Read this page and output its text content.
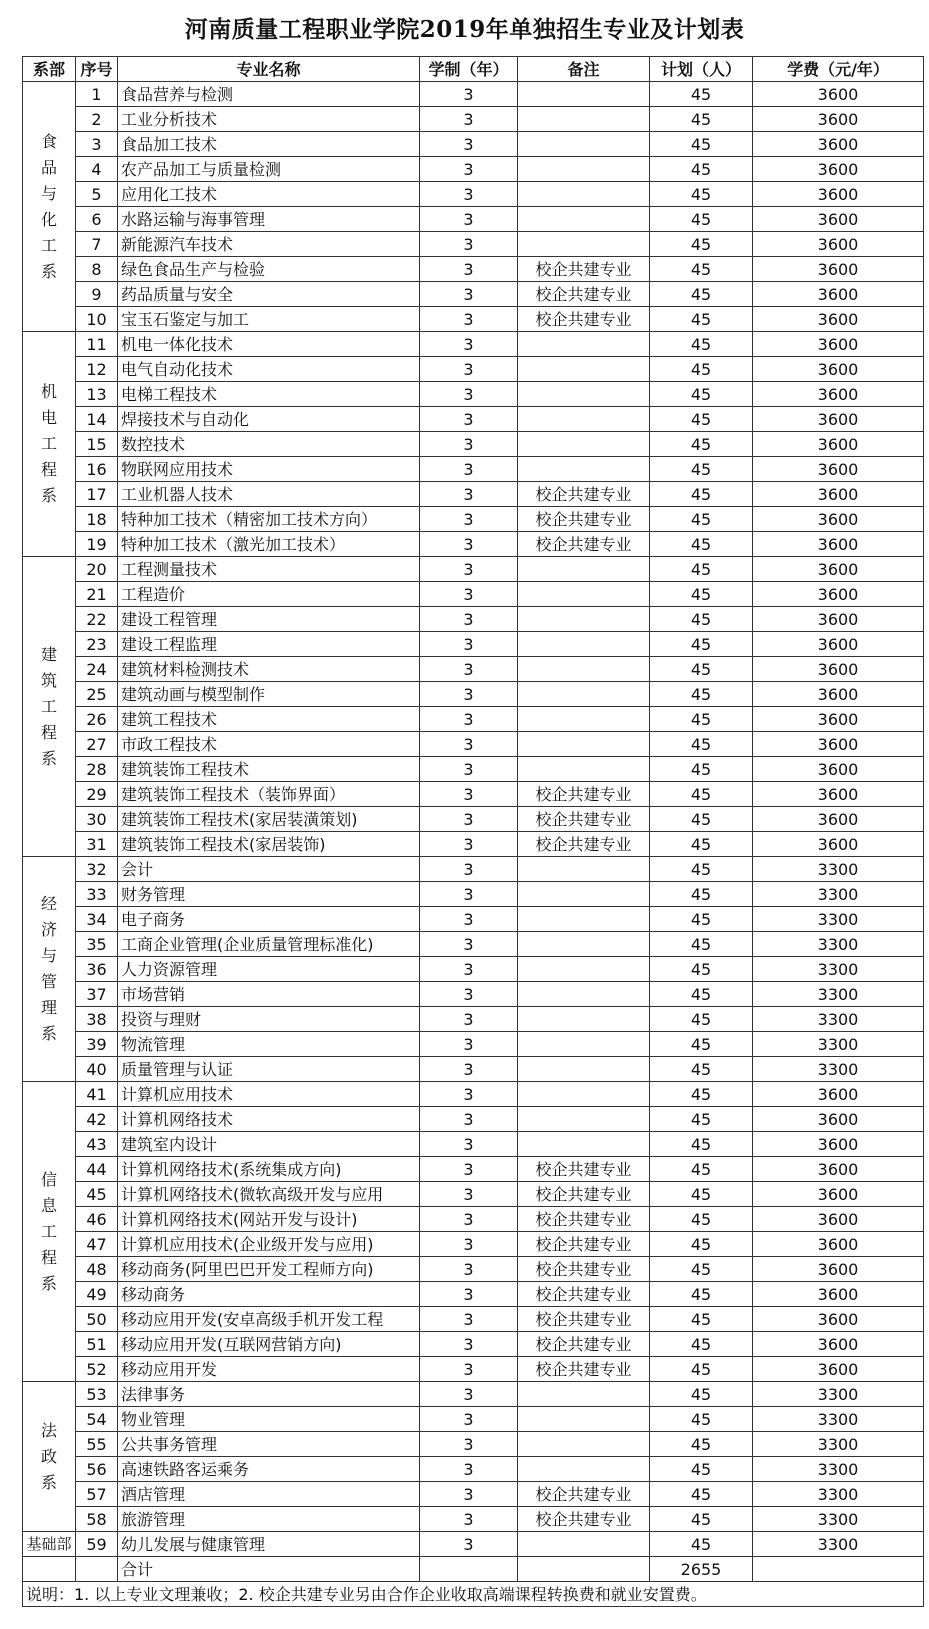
河南质量工程职业学院2019年单独招生专业及计划表
系部	序号	专业名称	学制（年）	备注	计划（人）	学费（元/年）

食品与化工系	1	食品营养与检测	3		45	3600
	2	工业分析技术	3		45	3600
	3	食品加工技术	3		45	3600
	4	农产品加工与质量检测	3		45	3600
	5	应用化工技术	3		45	3600
	6	水路运输与海事管理	3		45	3600
	7	新能源汽车技术	3		45	3600
	8	绿色食品生产与检验	3	校企共建专业	45	3600
	9	药品质量与安全	3	校企共建专业	45	3600
	10	宝玉石鉴定与加工	3	校企共建专业	45	3600

机电工程系	11	机电一体化技术	3		45	3600
	12	电气自动化技术	3		45	3600
	13	电梯工程技术	3		45	3600
	14	焊接技术与自动化	3		45	3600
	15	数控技术	3		45	3600
	16	物联网应用技术	3		45	3600
	17	工业机器人技术	3	校企共建专业	45	3600
	18	特种加工技术（精密加工技术方向）	3	校企共建专业	45	3600
	19	特种加工技术（激光加工技术）	3	校企共建专业	45	3600

建筑工程系	20	工程测量技术	3		45	3600
	21	工程造价	3		45	3600
	22	建设工程管理	3		45	3600
	23	建设工程监理	3		45	3600
	24	建筑材料检测技术	3		45	3600
	25	建筑动画与模型制作	3		45	3600
	26	建筑工程技术	3		45	3600
	27	市政工程技术	3		45	3600
	28	建筑装饰工程技术	3		45	3600
	29	建筑装饰工程技术（装饰界面）	3	校企共建专业	45	3600
	30	建筑装饰工程技术(家居装潢策划)	3	校企共建专业	45	3600
	31	建筑装饰工程技术(家居装饰)	3	校企共建专业	45	3600

经济与管理系	32	会计	3		45	3300
	33	财务管理	3		45	3300
	34	电子商务	3		45	3300
	35	工商企业管理(企业质量管理标准化)	3		45	3300
	36	人力资源管理	3		45	3300
	37	市场营销	3		45	3300
	38	投资与理财	3		45	3300
	39	物流管理	3		45	3300
	40	质量管理与认证	3		45	3300

信息工程系	41	计算机应用技术	3		45	3600
	42	计算机网络技术	3		45	3600
	43	建筑室内设计	3		45	3600
	44	计算机网络技术(系统集成方向)	3	校企共建专业	45	3600
	45	计算机网络技术(微软高级开发与应用	3	校企共建专业	45	3600
	46	计算机网络技术(网站开发与设计)	3	校企共建专业	45	3600
	47	计算机应用技术(企业级开发与应用)	3	校企共建专业	45	3600
	48	移动商务(阿里巴巴开发工程师方向)	3	校企共建专业	45	3600
	49	移动商务	3	校企共建专业	45	3600
	50	移动应用开发(安卓高级手机开发工程	3	校企共建专业	45	3600
	51	移动应用开发(互联网营销方向)	3	校企共建专业	45	3600
	52	移动应用开发	3	校企共建专业	45	3600

法政系	53	法律事务	3		45	3300
	54	物业管理	3		45	3300
	55	公共事务管理	3		45	3300
	56	高速铁路客运乘务	3		45	3300
	57	酒店管理	3	校企共建专业	45	3300
	58	旅游管理	3	校企共建专业	45	3300
基础部	59	幼儿发展与健康管理	3		45	3300
		合计			2655	
说明：1. 以上专业文理兼收；2. 校企共建专业另由合作企业收取高端课程转换费和就业安置费。						
